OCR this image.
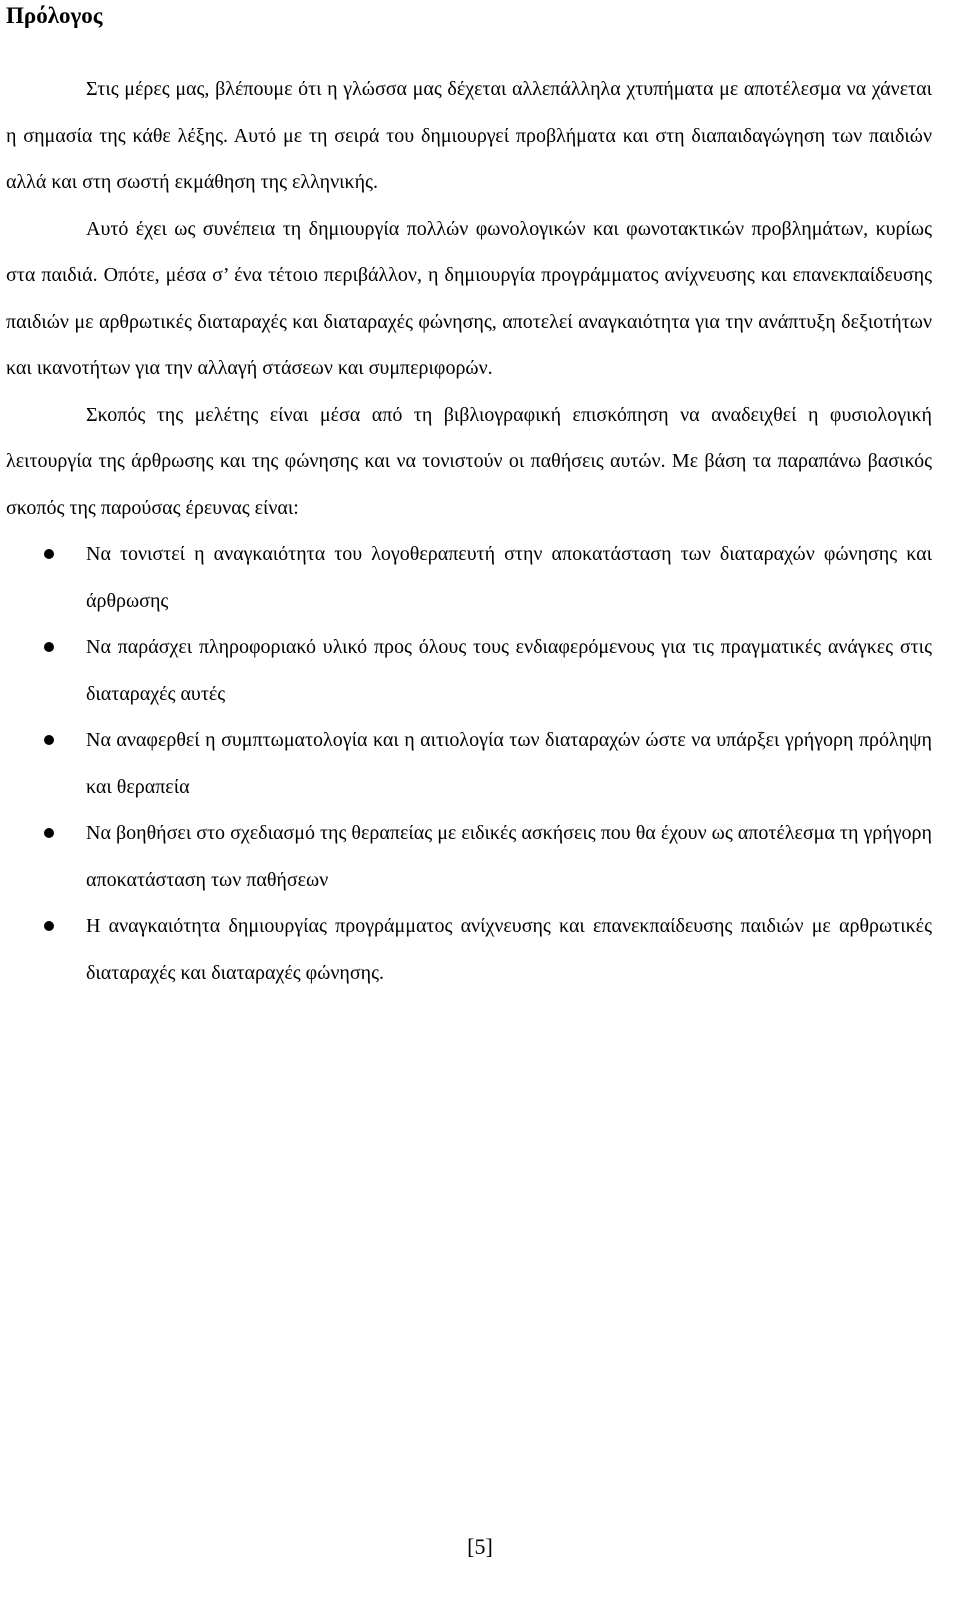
Πρόλογος

Στις μέρες μας, βλέπουμε ότι η γλώσσα μας δέχεται αλλεπάλληλα χτυπήματα με αποτέλεσμα να χάνεται η σημασία της κάθε λέξης. Αυτό με τη σειρά του δημιουργεί προβλήματα και στη διαπαιδαγώγηση των παιδιών αλλά και στη σωστή εκμάθηση της ελληνικής.

Αυτό έχει ως συνέπεια τη δημιουργία πολλών φωνολογικών και φωνοτακτικών προβλημάτων, κυρίως στα παιδιά. Οπότε, μέσα σ’ ένα τέτοιο περιβάλλον, η δημιουργία προγράμματος ανίχνευσης και επανεκπαίδευσης παιδιών με αρθρωτικές διαταραχές και διαταραχές φώνησης, αποτελεί αναγκαιότητα για την ανάπτυξη δεξιοτήτων και ικανοτήτων για την αλλαγή στάσεων και συμπεριφορών.

Σκοπός της μελέτης είναι μέσα από τη βιβλιογραφική επισκόπηση να αναδειχθεί η φυσιολογική λειτουργία της άρθρωσης και της φώνησης και να τονιστούν οι παθήσεις αυτών. Με βάση τα παραπάνω βασικός σκοπός της παρούσας έρευνας είναι:

Να τονιστεί η αναγκαιότητα του λογοθεραπευτή στην αποκατάσταση των διαταραχών φώνησης και άρθρωσης
Να παράσχει πληροφοριακό υλικό προς όλους τους ενδιαφερόμενους για τις πραγματικές ανάγκες στις διαταραχές αυτές
Να αναφερθεί η συμπτωματολογία και η αιτιολογία των διαταραχών ώστε να υπάρξει γρήγορη πρόληψη και θεραπεία
Να βοηθήσει στο σχεδιασμό της θεραπείας με ειδικές ασκήσεις που θα έχουν ως αποτέλεσμα τη γρήγορη αποκατάσταση των παθήσεων
Η αναγκαιότητα δημιουργίας προγράμματος ανίχνευσης και επανεκπαίδευσης παιδιών με αρθρωτικές διαταραχές και διαταραχές φώνησης.
[5]
